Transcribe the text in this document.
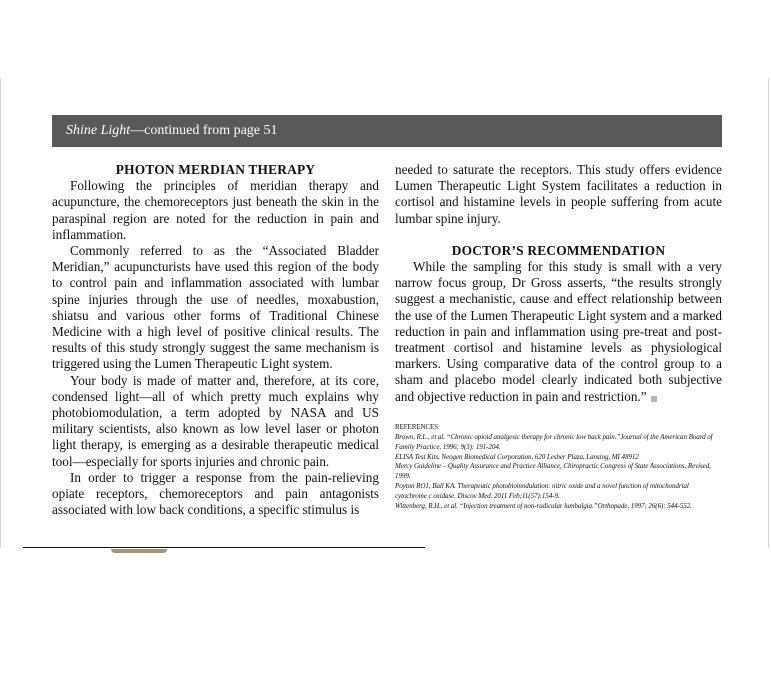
Shine Light—continued from page 51
PHOTON MERDIAN THERAPY

Following the principles of meridian therapy and acupuncture, the chemoreceptors just beneath the skin in the paraspinal region are noted for the reduction in pain and inflammation.

Commonly referred to as the “Associated Bladder Meridian,” acupuncturists have used this region of the body to control pain and inflammation associated with lumbar spine injuries through the use of needles, moxabustion, shiatsu and various other forms of Traditional Chinese Medicine with a high level of positive clinical results. The results of this study strongly suggest the same mechanism is triggered using the Lumen Therapeutic Light system.

Your body is made of matter and, therefore, at its core, condensed light—all of which pretty much explains why photobiomodulation, a term adopted by NASA and US military scientists, also known as low level laser or photon light therapy, is emerging as a desirable therapeutic medical tool—especially for sports injuries and chronic pain.

In order to trigger a response from the pain-relieving opiate receptors, chemoreceptors and pain antagonists associated with low back conditions, a specific stimulus is

needed to saturate the receptors. This study offers evidence Lumen Therapeutic Light System facilitates a reduction in cortisol and histamine levels in people suffering from acute lumbar spine injury.

DOCTOR’S RECOMMENDATION

While the sampling for this study is small with a very narrow focus group, Dr Gross asserts, “the results strongly suggest a mechanistic, cause and effect relationship between the use of the Lumen Therapeutic Light system and a marked reduction in pain and inflammation using pre-treat and post-treatment cortisol and histamine levels as physiological markers. Using comparative data of the control group to a sham and placebo model clearly indicated both subjective and objective reduction in pain and restriction.”

REFERENCES
Brown, R.L., et al. “Chronic opioid analgesic therapy for chronic low back pain.”Journal of the American Board of Family Practice, 1996; 9(3): 191-204.
ELISA Test Kits, Neogen Biomedical Corporation, 620 Lesher Plaza, Lansing, MI 48912
Mercy Guideline – Quality Assurance and Practice Alliance, Chiropractic Congress of State Associations, Revised, 1999.
Poyton RO1, Ball KA. Therapeutic photobiomodulation: nitric oxide and a novel function of mitochondrial cytochrome c oxidase. Discov Med. 2011 Feb;11(57):154-9.
Wittenberg, R.H., et al. “Injection treatment of non-radicular lumbalgia.”Orthopade, 1997; 26(6): 544-552.
